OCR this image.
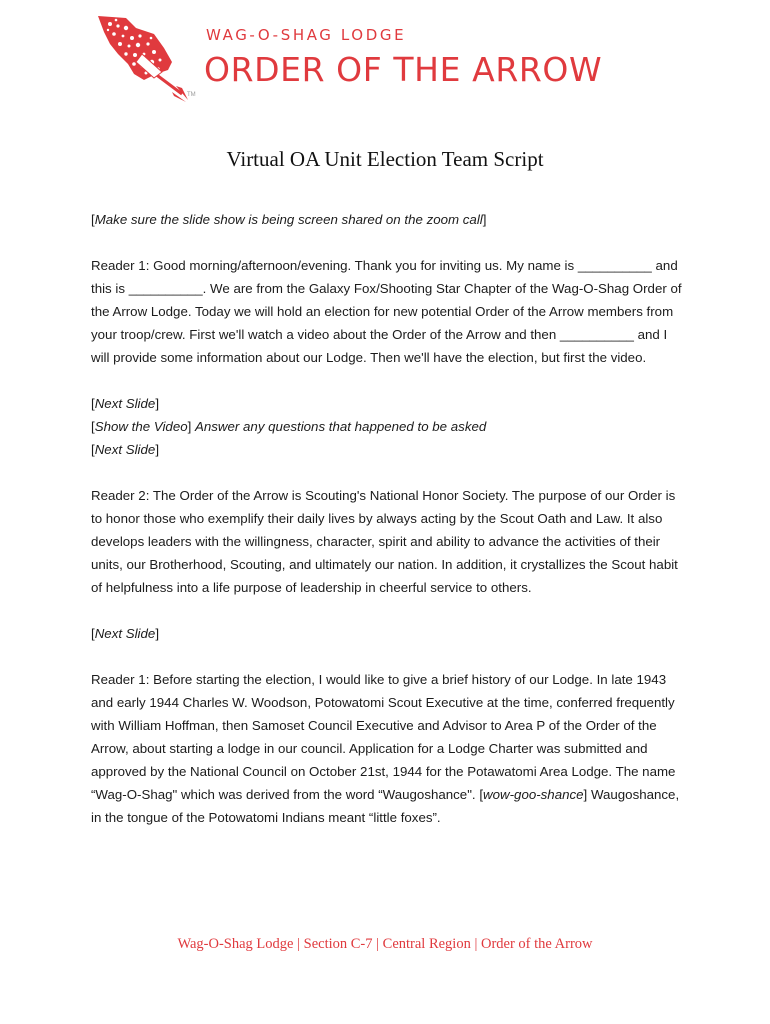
TM
WAG-O-SHAG LODGE
ORDER OF THE ARROW
Virtual OA Unit Election Team Script

[Make sure the slide show is being screen shared on the zoom call]

Reader 1: Good morning/afternoon/evening. Thank you for inviting us. My name is __________ and this is __________. We are from the Galaxy Fox/Shooting Star Chapter of the Wag-O-Shag Order of the Arrow Lodge. Today we will hold an election for new potential Order of the Arrow members from your troop/crew. First we'll watch a video about the Order of the Arrow and then __________ and I will provide some information about our Lodge. Then we'll have the election, but first the video.

[Next Slide]

[Show the Video] Answer any questions that happened to be asked

[Next Slide]

Reader 2: The Order of the Arrow is Scouting's National Honor Society. The purpose of our Order is to honor those who exemplify their daily lives by always acting by the Scout Oath and Law. It also develops leaders with the willingness, character, spirit and ability to advance the activities of their units, our Brotherhood, Scouting, and ultimately our nation. In addition, it crystallizes the Scout habit of helpfulness into a life purpose of leadership in cheerful service to others.

[Next Slide]

Reader 1: Before starting the election, I would like to give a brief history of our Lodge. In late 1943 and early 1944 Charles W. Woodson, Potowatomi Scout Executive at the time, conferred frequently with William Hoffman, then Samoset Council Executive and Advisor to Area P of the Order of the Arrow, about starting a lodge in our council. Application for a Lodge Charter was submitted and approved by the National Council on October 21st, 1944 for the Potawatomi Area Lodge. The name “Wag-O-Shag" which was derived from the word “Waugoshance". [wow-goo-shance] Waugoshance, in the tongue of the Potowatomi Indians meant “little foxes”.

Wag-O-Shag Lodge | Section C-7 | Central Region | Order of the Arrow
